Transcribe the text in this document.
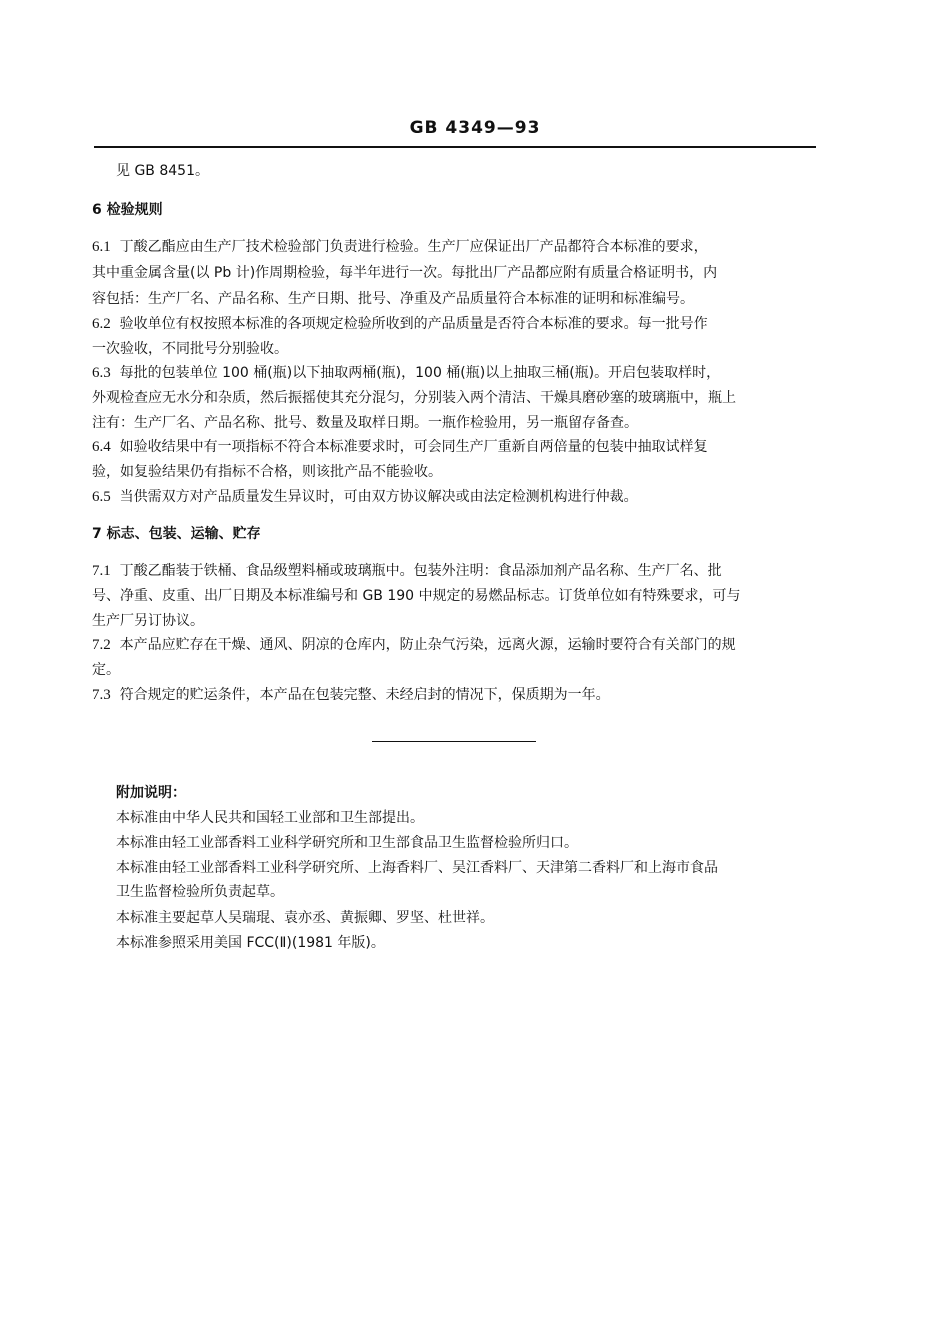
GB 4349—93
见 GB 8451。
6 检验规则
6.1 丁酸乙酯应由生产厂技术检验部门负责进行检验。生产厂应保证出厂产品都符合本标准的要求，
其中重金属含量(以 Pb 计)作周期检验，每半年进行一次。每批出厂产品都应附有质量合格证明书，内
容包括：生产厂名、产品名称、生产日期、批号、净重及产品质量符合本标准的证明和标准编号。
6.2 验收单位有权按照本标准的各项规定检验所收到的产品质量是否符合本标准的要求。每一批号作
一次验收，不同批号分别验收。
6.3 每批的包装单位 100 桶(瓶)以下抽取两桶(瓶)，100 桶(瓶)以上抽取三桶(瓶)。开启包装取样时，
外观检查应无水分和杂质，然后振摇使其充分混匀，分别装入两个清洁、干燥具磨砂塞的玻璃瓶中，瓶上
注有：生产厂名、产品名称、批号、数量及取样日期。一瓶作检验用，另一瓶留存备查。
6.4 如验收结果中有一项指标不符合本标准要求时，可会同生产厂重新自两倍量的包装中抽取试样复
验，如复验结果仍有指标不合格，则该批产品不能验收。
6.5 当供需双方对产品质量发生异议时，可由双方协议解决或由法定检测机构进行仲裁。
7 标志、包装、运输、贮存
7.1 丁酸乙酯装于铁桶、食品级塑料桶或玻璃瓶中。包装外注明：食品添加剂产品名称、生产厂名、批
号、净重、皮重、出厂日期及本标准编号和 GB 190 中规定的易燃品标志。订货单位如有特殊要求，可与
生产厂另订协议。
7.2 本产品应贮存在干燥、通风、阴凉的仓库内，防止杂气污染，远离火源，运输时要符合有关部门的规
定。
7.3 符合规定的贮运条件，本产品在包装完整、未经启封的情况下，保质期为一年。
附加说明：
本标准由中华人民共和国轻工业部和卫生部提出。
本标准由轻工业部香料工业科学研究所和卫生部食品卫生监督检验所归口。
本标准由轻工业部香料工业科学研究所、上海香料厂、吴江香料厂、天津第二香料厂和上海市食品
卫生监督检验所负责起草。
本标准主要起草人吴瑞琨、袁亦丞、黄振卿、罗坚、杜世祥。
本标准参照采用美国 FCC(Ⅱ)(1981 年版)。
